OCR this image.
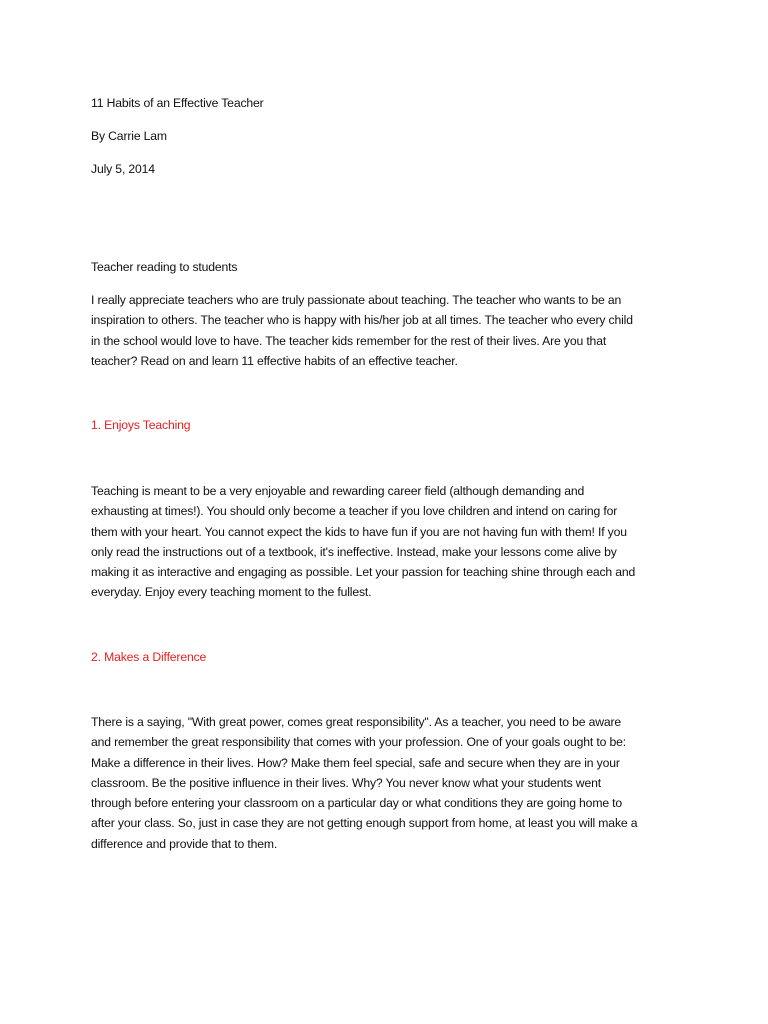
11 Habits of an Effective Teacher

By Carrie Lam

July 5, 2014

Teacher reading to students

I really appreciate teachers who are truly passionate about teaching. The teacher who wants to be an

inspiration to others. The teacher who is happy with his/her job at all times. The teacher who every child

in the school would love to have. The teacher kids remember for the rest of their lives. Are you that

teacher? Read on and learn 11 effective habits of an effective teacher.

1. Enjoys Teaching

Teaching is meant to be a very enjoyable and rewarding career field (although demanding and

exhausting at times!). You should only become a teacher if you love children and intend on caring for

them with your heart. You cannot expect the kids to have fun if you are not having fun with them! If you

only read the instructions out of a textbook, it's ineffective. Instead, make your lessons come alive by

making it as interactive and engaging as possible. Let your passion for teaching shine through each and

everyday. Enjoy every teaching moment to the fullest.

2. Makes a Difference

There is a saying, "With great power, comes great responsibility". As a teacher, you need to be aware

and remember the great responsibility that comes with your profession. One of your goals ought to be:

Make a difference in their lives. How? Make them feel special, safe and secure when they are in your

classroom. Be the positive influence in their lives. Why? You never know what your students went

through before entering your classroom on a particular day or what conditions they are going home to

after your class. So, just in case they are not getting enough support from home, at least you will make a

difference and provide that to them.
